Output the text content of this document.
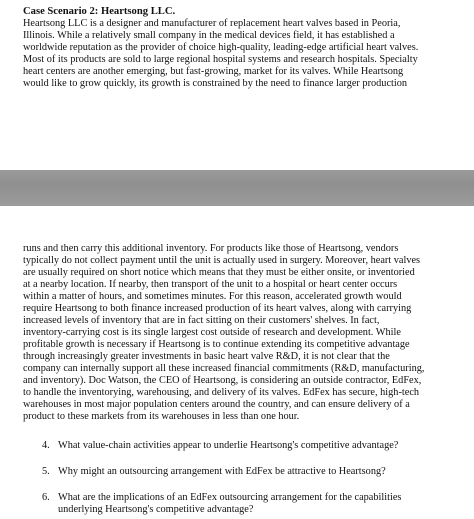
Case Scenario 2: Heartsong LLC.
Heartsong LLC is a designer and manufacturer of replacement heart valves based in Peoria,
Illinois. While a relatively small company in the medical devices field, it has established a
worldwide reputation as the provider of choice high-quality, leading-edge artificial heart valves.
Most of its products are sold to large regional hospital systems and research hospitals. Specialty
heart centers are another emerging, but fast-growing, market for its valves. While Heartsong
would like to grow quickly, its growth is constrained by the need to finance larger production
runs and then carry this additional inventory. For products like those of Heartsong, vendors
typically do not collect payment until the unit is actually used in surgery. Moreover, heart valves
are usually required on short notice which means that they must be either onsite, or inventoried
at a nearby location. If nearby, then transport of the unit to a hospital or heart center occurs
within a matter of hours, and sometimes minutes. For this reason, accelerated growth would
require Heartsong to both finance increased production of its heart valves, along with carrying
increased levels of inventory that are in fact sitting on their customers' shelves. In fact,
inventory-carrying cost is its single largest cost outside of research and development. While
profitable growth is necessary if Heartsong is to continue extending its competitive advantage
through increasingly greater investments in basic heart valve R&D, it is not clear that the
company can internally support all these increased financial commitments (R&D, manufacturing,
and inventory). Doc Watson, the CEO of Heartsong, is considering an outside contractor, EdFex,
to handle the inventorying, warehousing, and delivery of its valves. EdFex has secure, high-tech
warehouses in most major population centers around the country, and can ensure delivery of a
product to these markets from its warehouses in less than one hour.
4. What value-chain activities appear to underlie Heartsong's competitive advantage?
5. Why might an outsourcing arrangement with EdFex be attractive to Heartsong?
6. What are the implications of an EdFex outsourcing arrangement for the capabilities
underlying Heartsong's competitive advantage?
